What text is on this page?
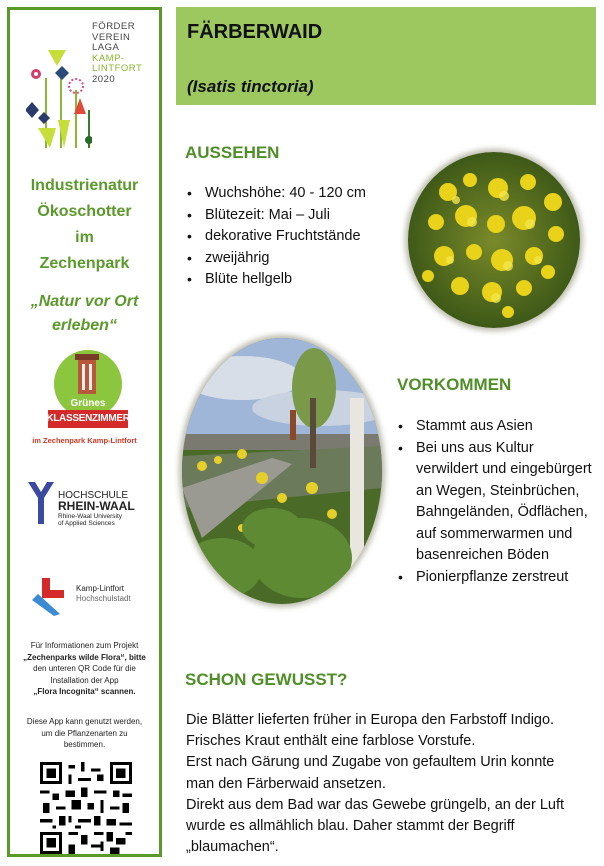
FÖRDER
VEREIN
LAGA
KAMP-
LINTFORT
2020
Industrienatur
Ökoschotter
im
Zechenpark
„Natur vor Ort
erleben“
Grünes
KLASSENZIMMER
im Zechenpark Kamp-Lintfort
HOCHSCHULE
RHEIN-WAAL
Rhine-Waal University
of Applied Sciences
Kamp-Lintfort
Hochschulstadt
Für Informationen zum Projekt
„Zechenparks wilde Flora“, bitte
den unteren QR Code für die
Installation der App
„Flora Incognita“ scannen.
Diese App kann genutzt werden,
um die Pflanzenarten zu
bestimmen.
FÄRBERWAID
(Isatis tinctoria)
AUSSEHEN
• Wuchshöhe: 40 - 120 cm
• Blütezeit: Mai – Juli
• dekorative Fruchtstände
• zweijährig
• Blüte hellgelb
VORKOMMEN
• Stammt aus Asien
• Bei uns aus Kultur verwildert und eingebürgert an Wegen, Steinbrüchen, Bahngeländen, Ödflächen, auf sommerwarmen und basenreichen Böden
• Pionierpflanze zerstreut
SCHON GEWUSST?
Die Blätter lieferten früher in Europa den Farbstoff Indigo.
Frisches Kraut enthält eine farblose Vorstufe.
Erst nach Gärung und Zugabe von gefaultem Urin konnte
man den Färberwaid ansetzen.
Direkt aus dem Bad war das Gewebe grüngelb, an der Luft
wurde es allmählich blau. Daher stammt der Begriff
„blaumachen“.
